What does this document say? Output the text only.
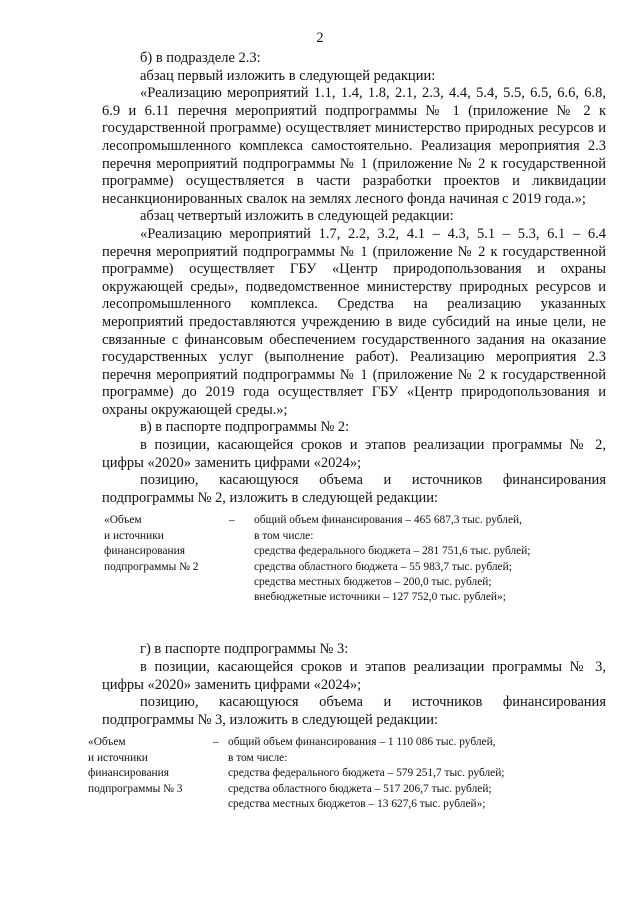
2

б) в подразделе 2.3:

абзац первый изложить в следующей редакции:

«Реализацию мероприятий 1.1, 1.4, 1.8, 2.1, 2.3, 4.4, 5.4, 5.5, 6.5, 6.6, 6.8, 6.9 и 6.11 перечня мероприятий подпрограммы № 1 (приложение № 2 к государственной программе) осуществляет министерство природных ресурсов и лесопромышленного комплекса самостоятельно. Реализация мероприятия 2.3 перечня мероприятий подпрограммы № 1 (приложение № 2 к государственной программе) осуществляется в части разработки проектов и ликвидации несанкционированных свалок на землях лесного фонда начиная с 2019 года.»;

абзац четвертый изложить в следующей редакции:

«Реализацию мероприятий 1.7, 2.2, 3.2, 4.1 – 4.3, 5.1 – 5.3, 6.1 – 6.4 перечня мероприятий подпрограммы № 1 (приложение № 2 к государственной программе) осуществляет ГБУ «Центр природопользования и охраны окружающей среды», подведомственное министерству природных ресурсов и лесопромышленного комплекса. Средства на реализацию указанных мероприятий предоставляются учреждению в виде субсидий на иные цели, не связанные с финансовым обеспечением государственного задания на оказание государственных услуг (выполнение работ). Реализацию мероприятия 2.3 перечня мероприятий подпрограммы № 1 (приложение № 2 к государственной программе) до 2019 года осуществляет ГБУ «Центр природопользования и охраны окружающей среды.»;

в) в паспорте подпрограммы № 2:

в позиции, касающейся сроков и этапов реализации программы № 2, цифры «2020» заменить цифрами «2024»;

позицию, касающуюся объема и источников финансирования подпрограммы № 2, изложить в следующей редакции:

«Объем
и источники
финансирования
подпрограммы № 2
– общий объем финансирования – 465 687,3 тыс. рублей,
в том числе:
средства федерального бюджета – 281 751,6 тыс. рублей;
средства областного бюджета – 55 983,7 тыс. рублей;
средства местных бюджетов – 200,0 тыс. рублей;
внебюджетные источники – 127 752,0 тыс. рублей»;

г) в паспорте подпрограммы № 3:

в позиции, касающейся сроков и этапов реализации программы № 3, цифры «2020» заменить цифрами «2024»;

позицию, касающуюся объема и источников финансирования подпрограммы № 3, изложить в следующей редакции:

«Объем
и источники
финансирования
подпрограммы № 3
– общий объем финансирования – 1 110 086 тыс. рублей,
в том числе:
средства федерального бюджета – 579 251,7 тыс. рублей;
средства областного бюджета – 517 206,7 тыс. рублей;
средства местных бюджетов – 13 627,6 тыс. рублей»;
